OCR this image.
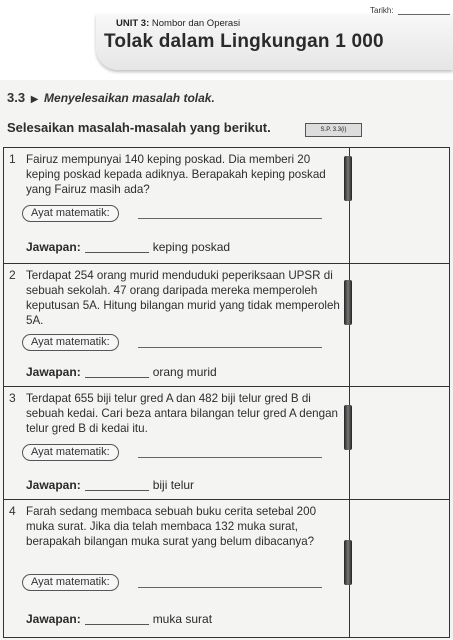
UNIT 3: Nombor dan Operasi
Tarikh:
Tolak dalam Lingkungan 1 000
3.3 ▶ Menyelesaikan masalah tolak.
Selesaikan masalah-masalah yang berikut.	S.P. 3.3(i)
1 Fairuz mempunyai 140 keping poskad. Dia memberi 20 keping poskad kepada adiknya. Berapakah keping poskad yang Fairuz masih ada?
Ayat matematik:
Jawapan:	keping poskad
2 Terdapat 254 orang murid menduduki peperiksaan UPSR di sebuah sekolah. 47 orang daripada mereka memperoleh keputusan 5A. Hitung bilangan murid yang tidak memperoleh 5A.
Ayat matematik:
Jawapan:	orang murid
3 Terdapat 655 biji telur gred A dan 482 biji telur gred B di sebuah kedai. Cari beza antara bilangan telur gred A dengan telur gred B di kedai itu.
Ayat matematik:
Jawapan:	biji telur
4 Farah sedang membaca sebuah buku cerita setebal 200 muka surat. Jika dia telah membaca 132 muka surat, berapakah bilangan muka surat yang belum dibacanya?
Ayat matematik:
Jawapan:	muka surat
